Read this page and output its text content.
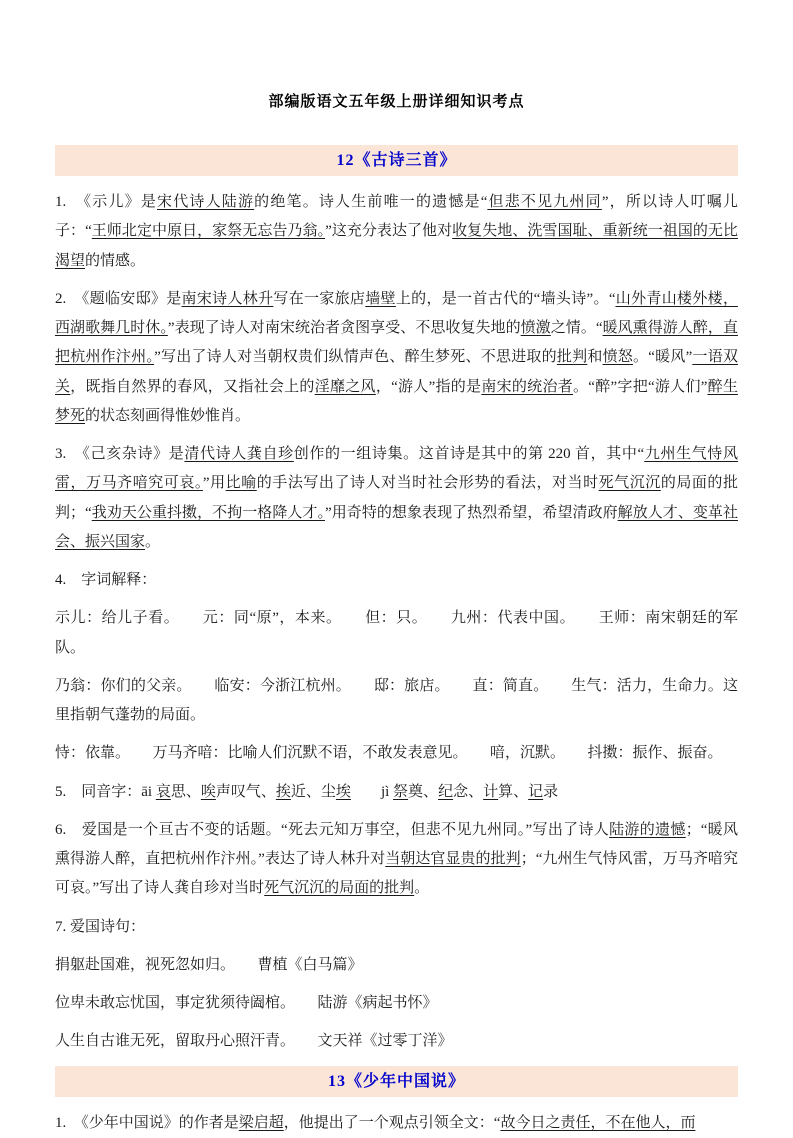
部编版语文五年级上册详细知识考点
12《古诗三首》

1.　《示儿》是宋代诗人陆游的绝笔。诗人生前唯一的遗憾是“但悲不见九州同”，所以诗人叮嘱儿子：“王师北定中原日，家祭无忘告乃翁。”这充分表达了他对收复失地、洗雪国耻、重新统一祖国的无比渴望的情感。

2.　《题临安邸》是南宋诗人林升写在一家旅店墙壁上的，是一首古代的“墙头诗”。“山外青山楼外楼，西湖歌舞几时休。”表现了诗人对南宋统治者贪图享受、不思收复失地的愤激之情。“暖风熏得游人醉，直把杭州作汴州。”写出了诗人对当朝权贵们纵情声色、醉生梦死、不思进取的批判和愤怒。“暖风”一语双关，既指自然界的春风，又指社会上的淫靡之风，“游人”指的是南宋的统治者。“醉”字把“游人们”醉生梦死的状态刻画得惟妙惟肖。

3.　《己亥杂诗》是清代诗人龚自珍创作的一组诗集。这首诗是其中的第 220 首，其中“九州生气恃风雷，万马齐喑究可哀。”用比喻的手法写出了诗人对当时社会形势的看法，对当时死气沉沉的局面的批判；“我劝天公重抖擞，不拘一格降人才。”用奇特的想象表现了热烈希望，希望清政府解放人才、变革社会、振兴国家。

4.　字词解释：

示儿：给儿子看。　　元：同“原”，本来。　　但：只。　　九州：代表中国。　　王师：南宋朝廷的军队。

乃翁：你们的父亲。　　临安：今浙江杭州。　　邸：旅店。　　直：简直。　　生气：活力，生命力。这里指朝气蓬勃的局面。

恃：依靠。　　万马齐喑：比喻人们沉默不语，不敢发表意见。　　喑，沉默。　　抖擞：振作、振奋。

5.　同音字：āi 哀思、唉声叹气、挨近、尘埃　　jì 祭奠、纪念、计算、记录

6.　爱国是一个亘古不变的话题。“死去元知万事空，但悲不见九州同。”写出了诗人陆游的遗憾；“暖风熏得游人醉，直把杭州作汴州。”表达了诗人林升对当朝达官显贵的批判；“九州生气恃风雷，万马齐喑究可哀。”写出了诗人龚自珍对当时死气沉沉的局面的批判。

7. 爱国诗句：

捐躯赴国难，视死忽如归。　　曹植《白马篇》

位卑未敢忘忧国，事定犹须待阖棺。　　陆游《病起书怀》

人生自古谁无死，留取丹心照汗青。　　文天祥《过零丁洋》

13《少年中国说》

1.　《少年中国说》的作者是梁启超，他提出了一个观点引领全文：“故今日之责任，不在他人，而
